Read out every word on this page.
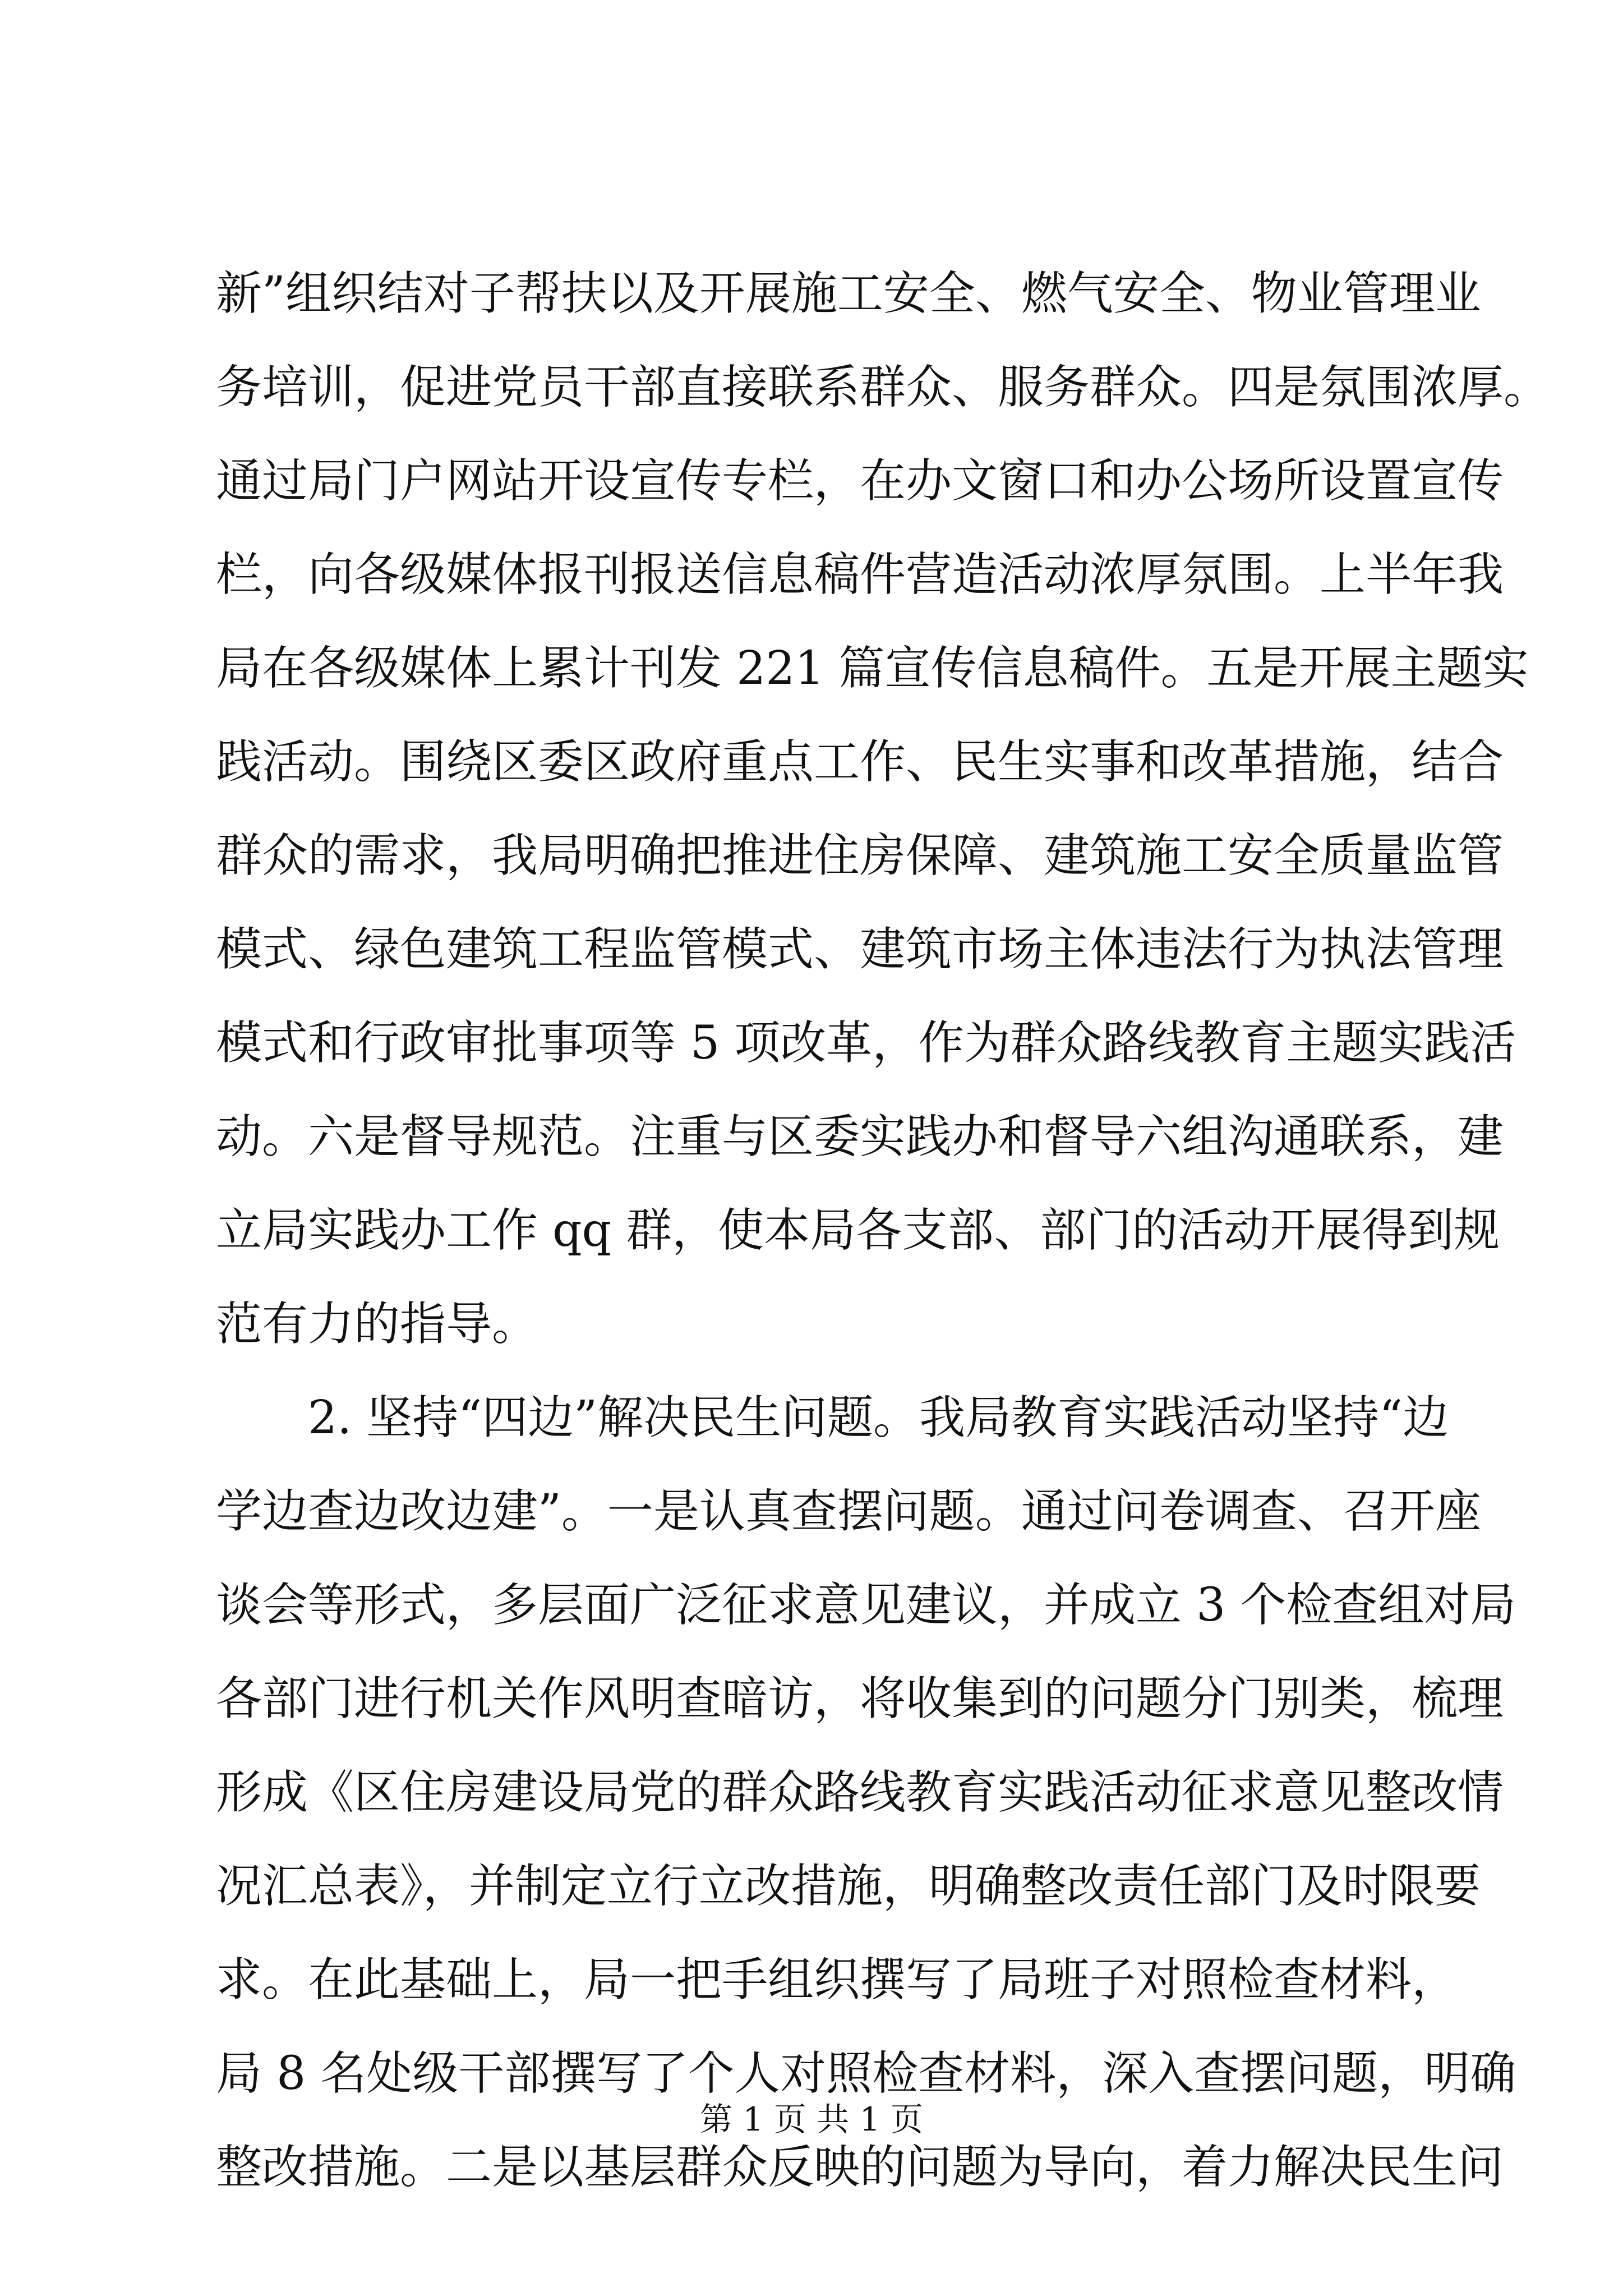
新”组织结对子帮扶以及开展施工安全、燃气安全、物业管理业
务培训，促进党员干部直接联系群众、服务群众。四是氛围浓厚。
通过局门户网站开设宣传专栏，在办文窗口和办公场所设置宣传
栏，向各级媒体报刊报送信息稿件营造活动浓厚氛围。上半年我
局在各级媒体上累计刊发 221 篇宣传信息稿件。五是开展主题实
践活动。围绕区委区政府重点工作、民生实事和改革措施，结合
群众的需求，我局明确把推进住房保障、建筑施工安全质量监管
模式、绿色建筑工程监管模式、建筑市场主体违法行为执法管理
模式和行政审批事项等 5 项改革，作为群众路线教育主题实践活
动。六是督导规范。注重与区委实践办和督导六组沟通联系，建
立局实践办工作 qq 群，使本局各支部、部门的活动开展得到规
范有力的指导。
　　2. 坚持“四边”解决民生问题。我局教育实践活动坚持“边
学边查边改边建”。一是认真查摆问题。通过问卷调查、召开座
谈会等形式，多层面广泛征求意见建议，并成立 3 个检查组对局
各部门进行机关作风明查暗访，将收集到的问题分门别类，梳理
形成《区住房建设局党的群众路线教育实践活动征求意见整改情
况汇总表》，并制定立行立改措施，明确整改责任部门及时限要
求。在此基础上，局一把手组织撰写了局班子对照检查材料，
局 8 名处级干部撰写了个人对照检查材料，深入查摆问题，明确
整改措施。二是以基层群众反映的问题为导向，着力解决民生问
第 1 页 共 1 页
